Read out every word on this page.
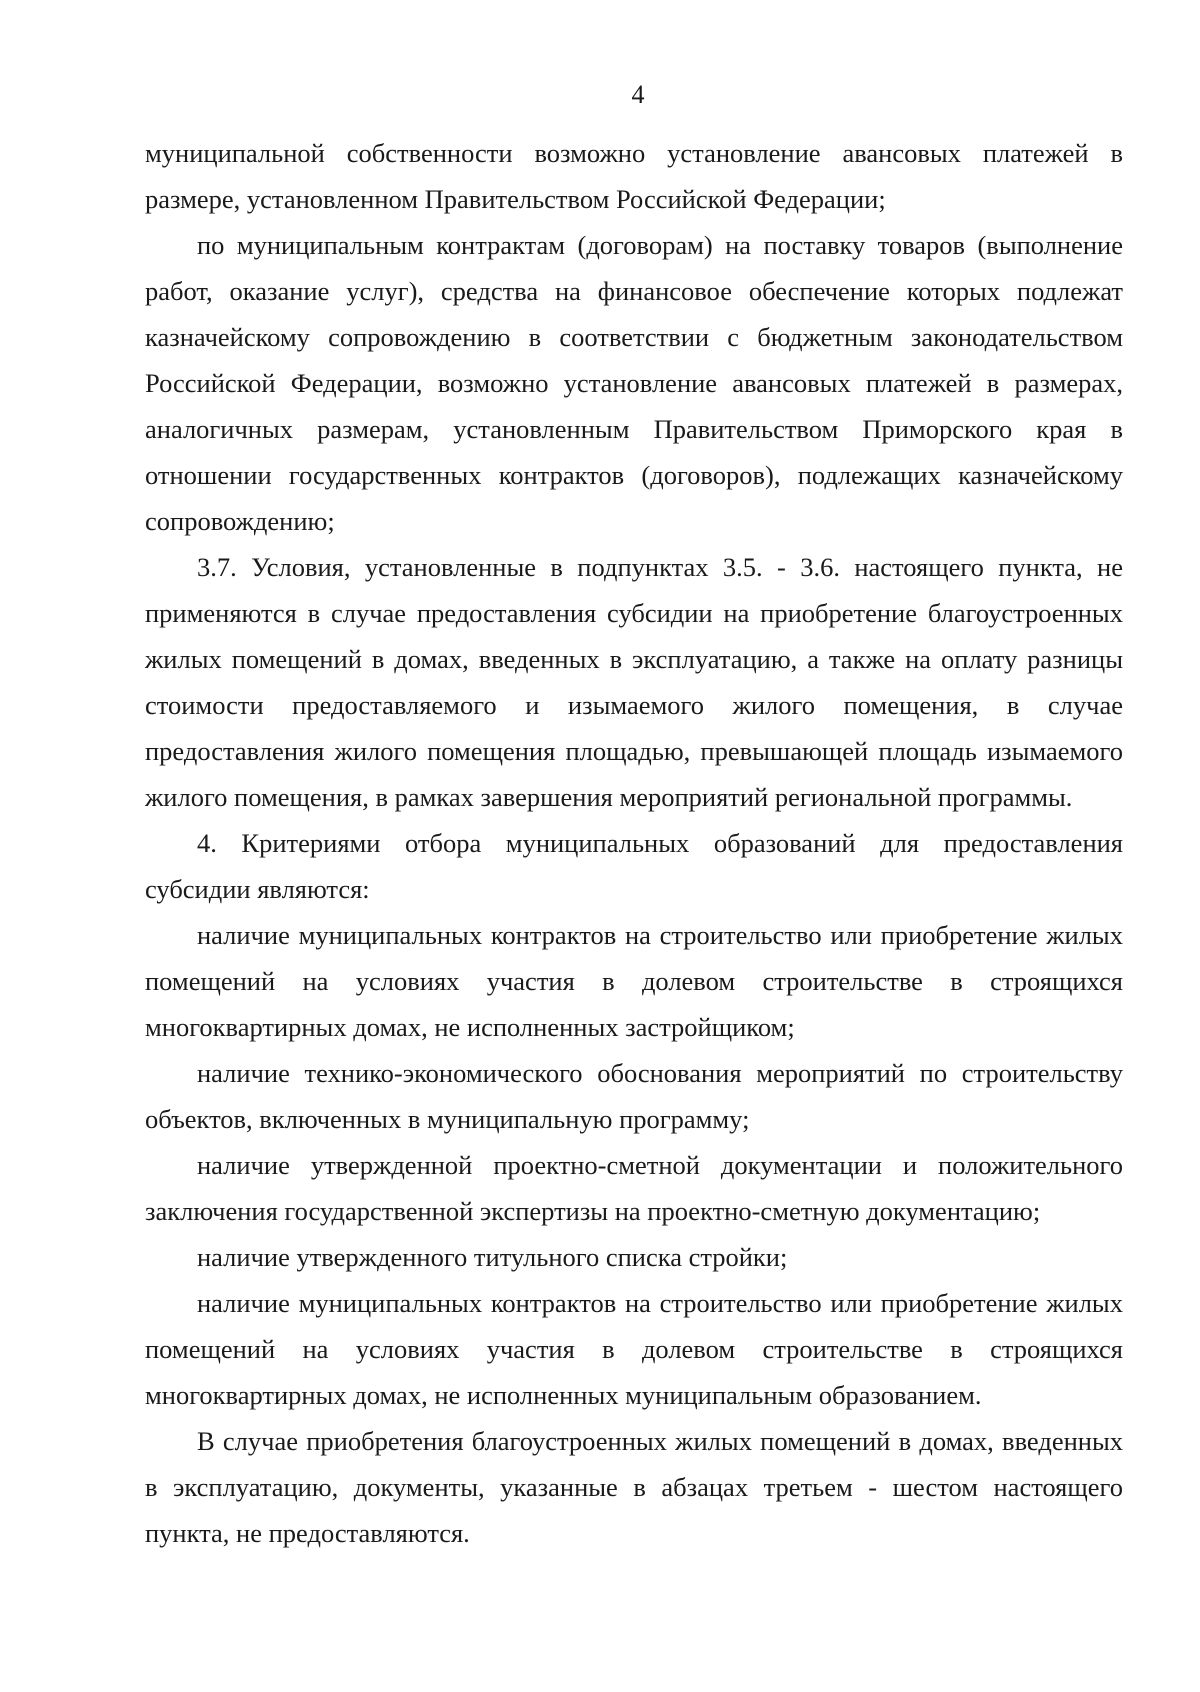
4

муниципальной собственности возможно установление авансовых платежей в размере, установленном Правительством Российской Федерации;

по муниципальным контрактам (договорам) на поставку товаров (выполнение работ, оказание услуг), средства на финансовое обеспечение которых подлежат казначейскому сопровождению в соответствии с бюджетным законодательством Российской Федерации, возможно установление авансовых платежей в размерах, аналогичных размерам, установленным Правительством Приморского края в отношении государственных контрактов (договоров), подлежащих казначейскому сопровождению;

3.7. Условия, установленные в подпунктах 3.5. - 3.6. настоящего пункта, не применяются в случае предоставления субсидии на приобретение благоустроенных жилых помещений в домах, введенных в эксплуатацию, а также на оплату разницы стоимости предоставляемого и изымаемого жилого помещения, в случае предоставления жилого помещения площадью, превышающей площадь изымаемого жилого помещения, в рамках завершения мероприятий региональной программы.

4. Критериями отбора муниципальных образований для предоставления субсидии являются:

наличие муниципальных контрактов на строительство или приобретение жилых помещений на условиях участия в долевом строительстве в строящихся многоквартирных домах, не исполненных застройщиком;

наличие технико-экономического обоснования мероприятий по строительству объектов, включенных в муниципальную программу;

наличие утвержденной проектно-сметной документации и положительного заключения государственной экспертизы на проектно-сметную документацию;

наличие утвержденного титульного списка стройки;

наличие муниципальных контрактов на строительство или приобретение жилых помещений на условиях участия в долевом строительстве в строящихся многоквартирных домах, не исполненных муниципальным образованием.

В случае приобретения благоустроенных жилых помещений в домах, введенных в эксплуатацию, документы, указанные в абзацах третьем - шестом настоящего пункта, не предоставляются.
